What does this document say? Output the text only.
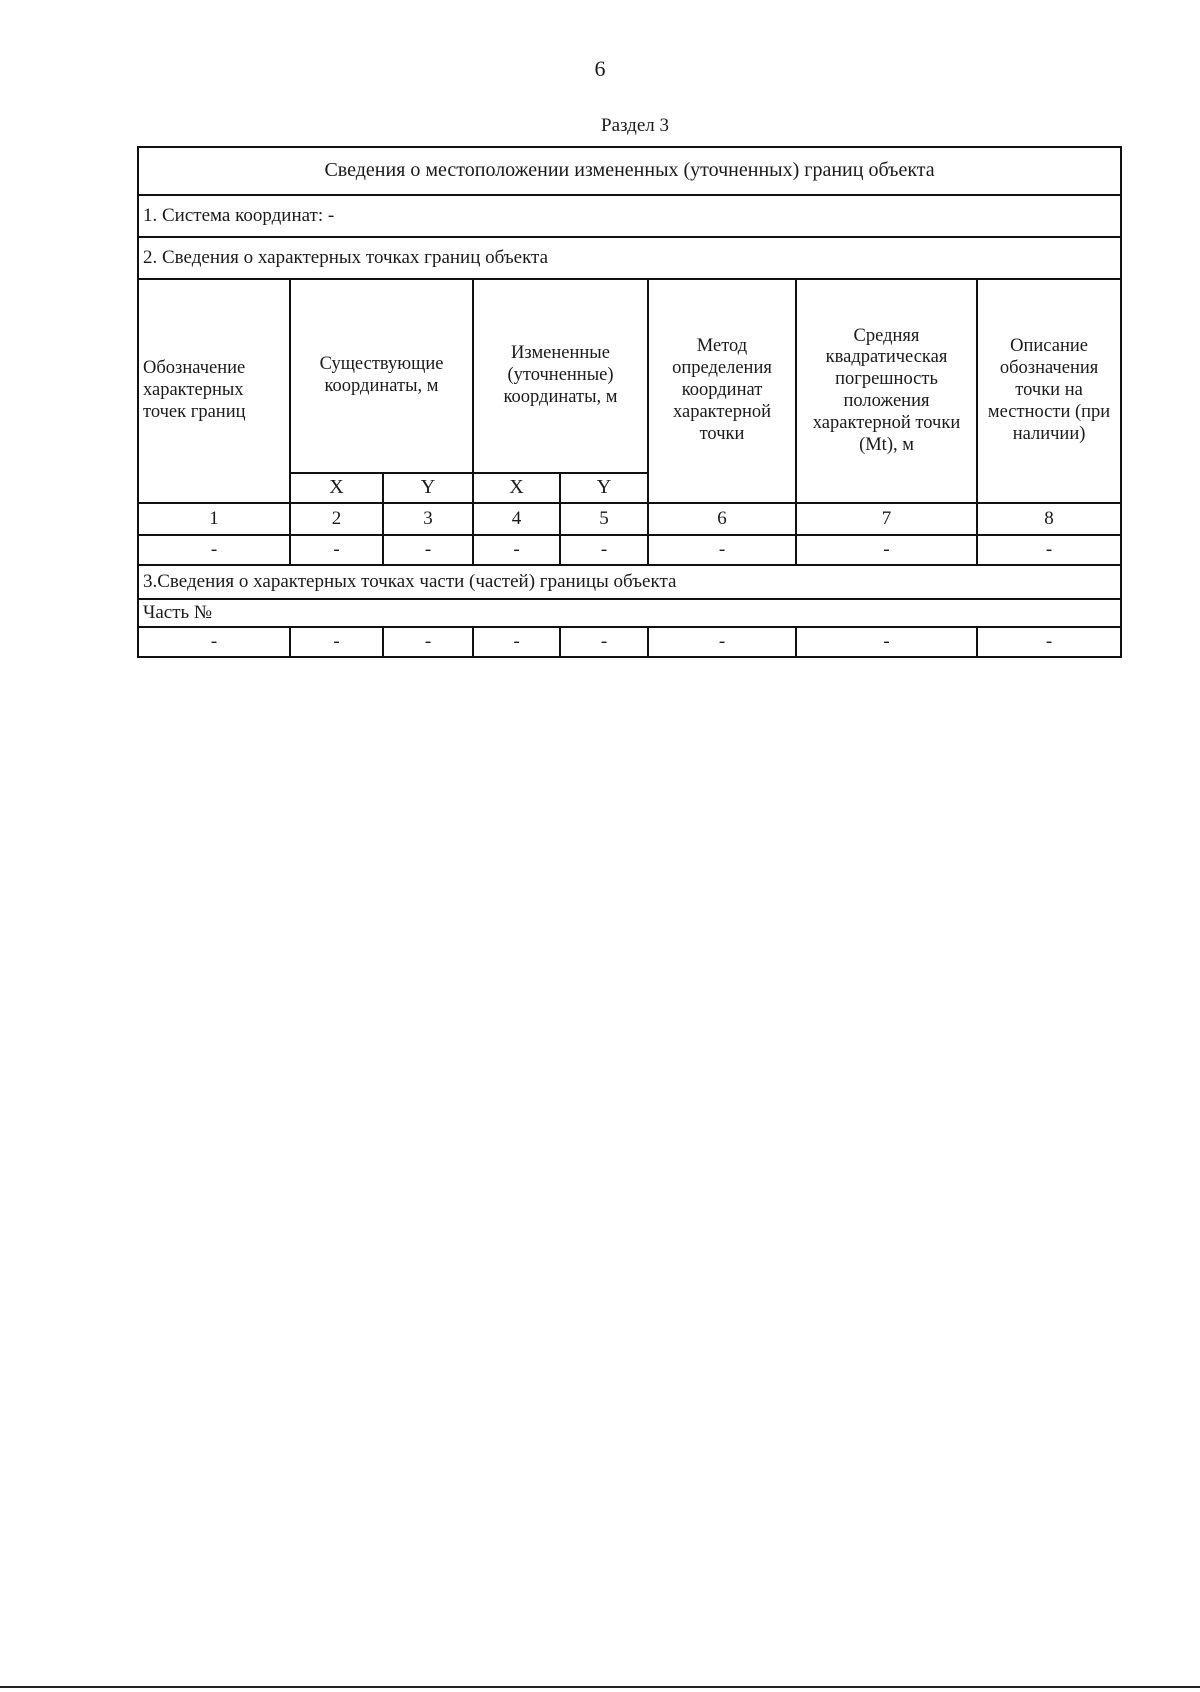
6
Раздел 3
Сведения о местоположении измененных (уточненных) границ объекта							
1. Система координат: -							
2. Сведения о характерных точках границ объекта							
Обозначение характерных точек границ	Существующие координаты, м		Измененные (уточненные) координаты, м		Метод определения координат характерной точки	Средняя квадратическая погрешность положения характерной точки (Mt), м	Описание обозначения точки на местности (при наличии)
	X	Y	X	Y			
1	2	3	4	5	6	7	8
-	-	-	-	-	-	-	-
3.Сведения о характерных точках части (частей) границы объекта							
Часть №							
-	-	-	-	-	-	-	-
